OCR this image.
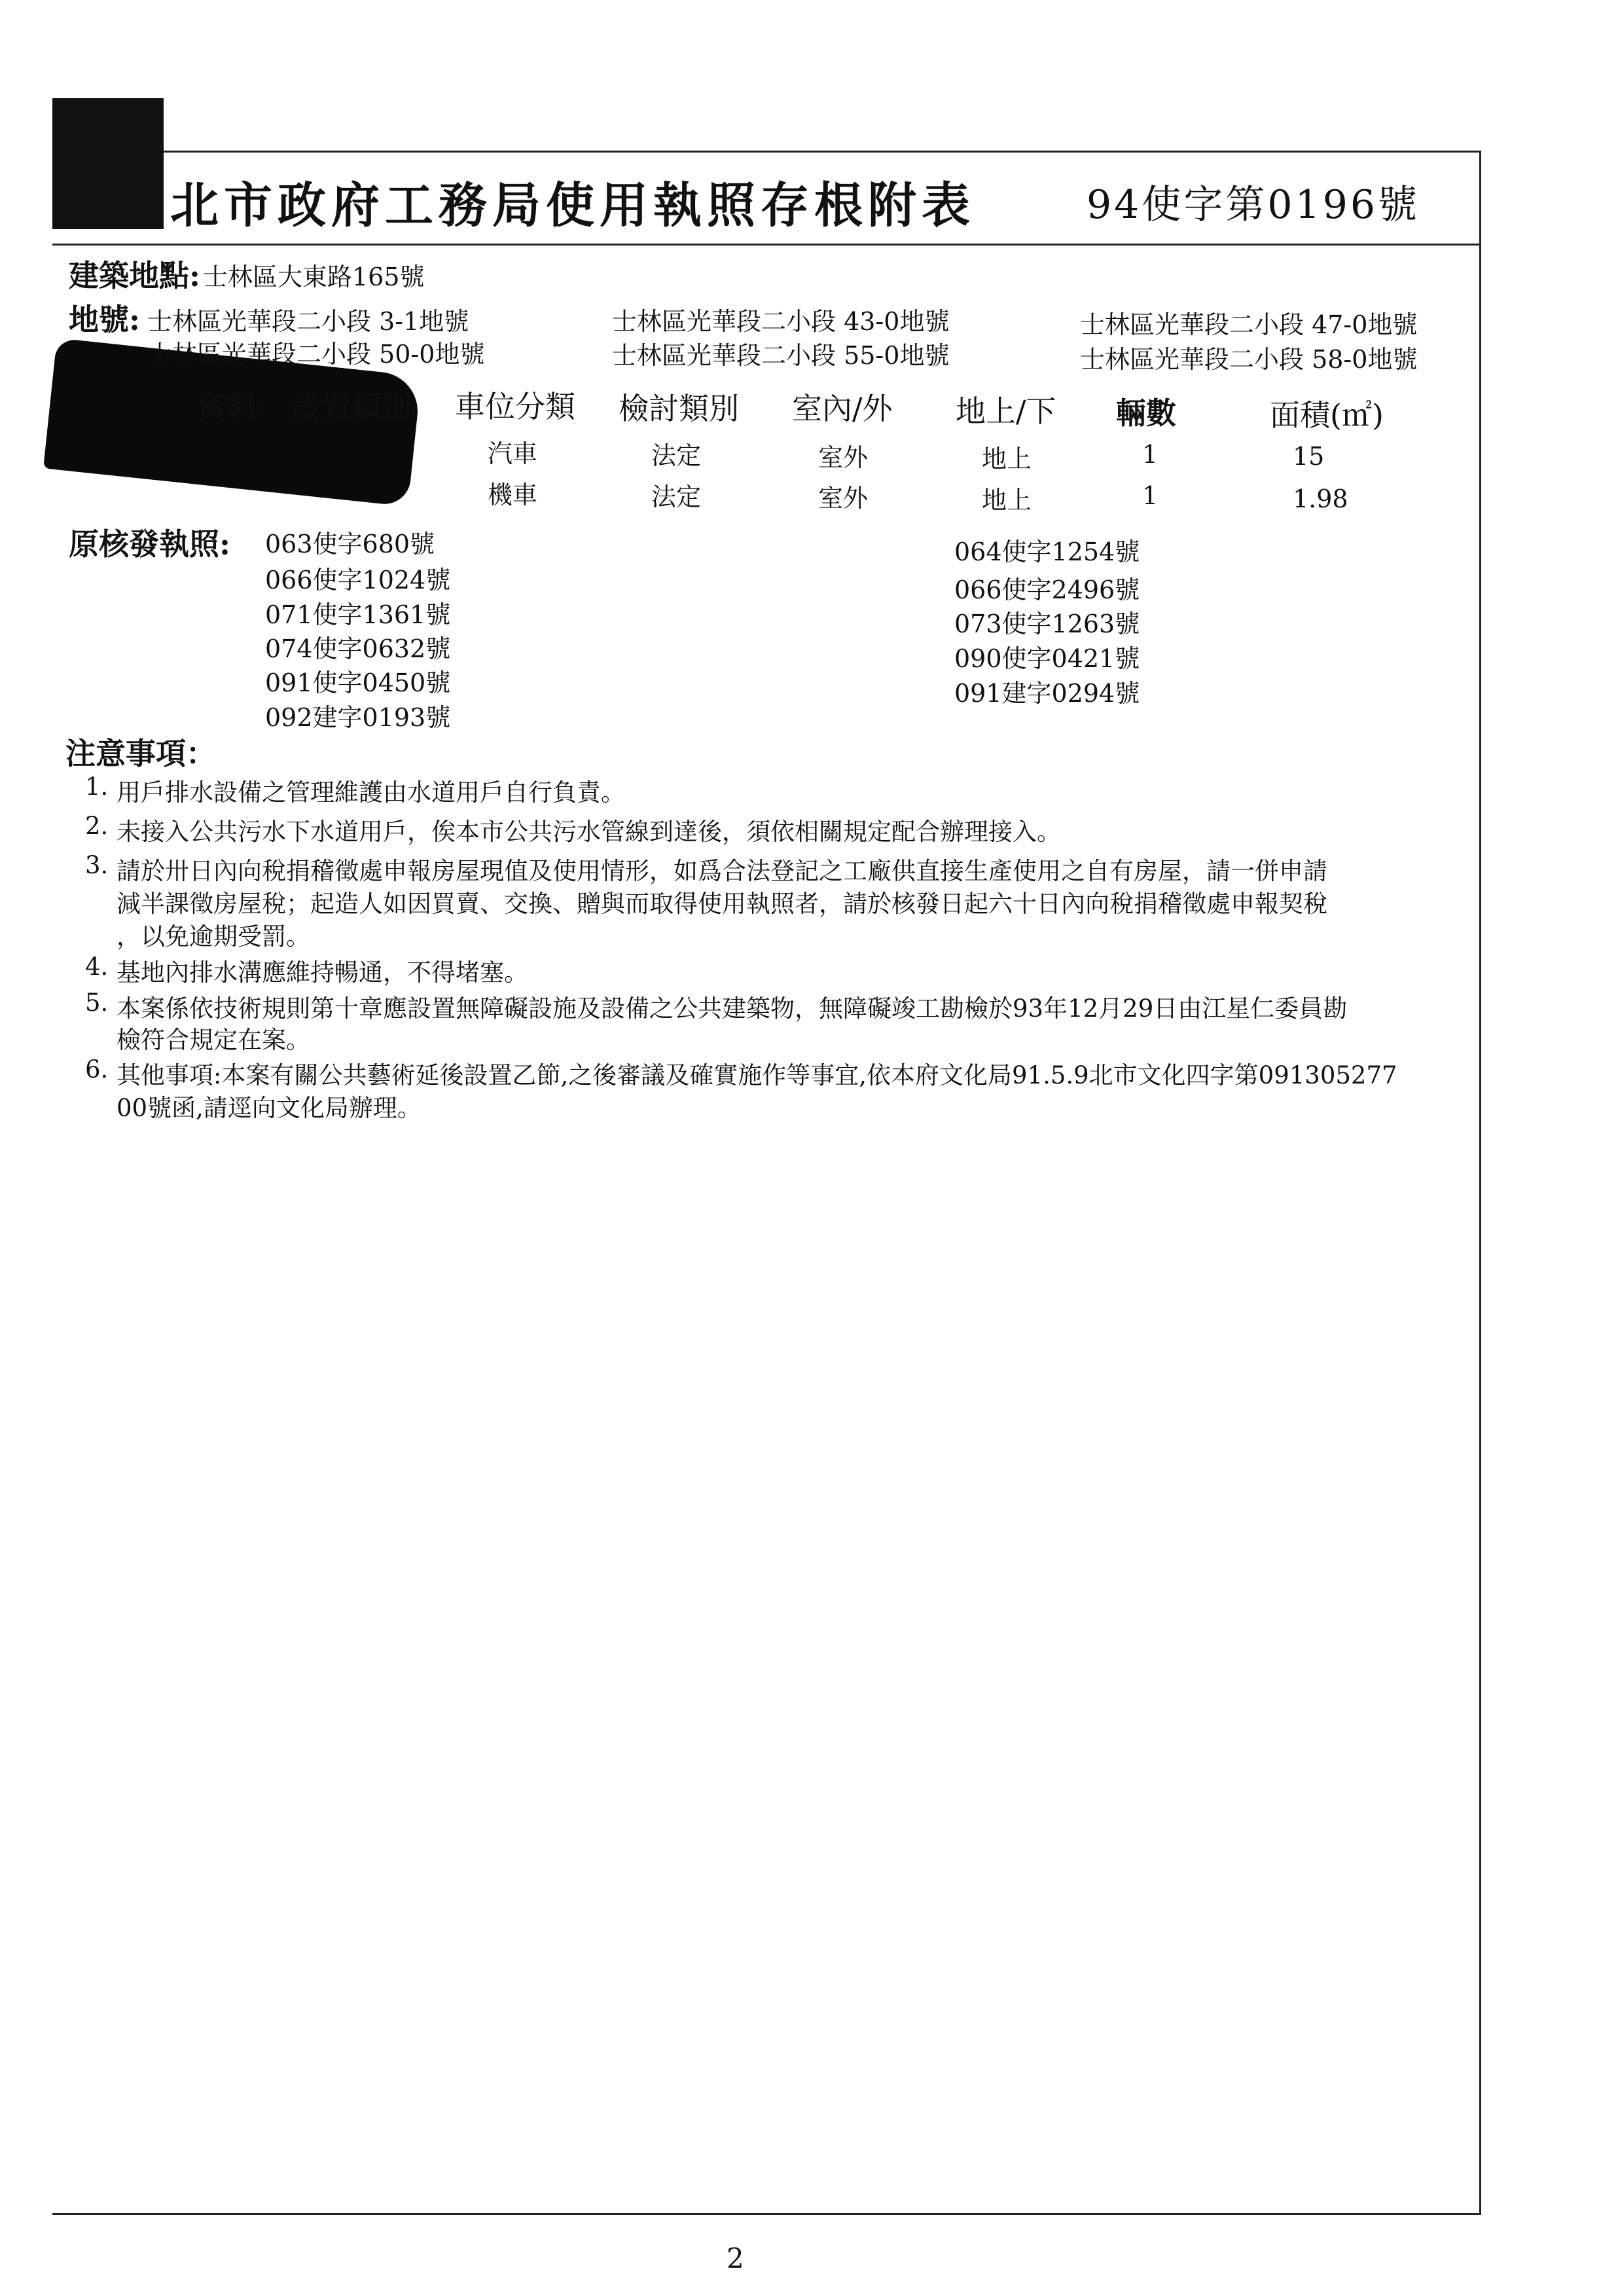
北市政府工務局使用執照存根附表	94使字第0196號
建築地點: 士林區大東路165號
地號: 士林區光華段二小段 3-1地號	士林區光華段二小段 43-0地號	士林區光華段二小段 47-0地號
士林區光華段二小段 50-0地號	士林區光華段二小段 55-0地號	士林區光華段二小段 58-0地號
資料: 設置類別 車位分類 檢討類別 室內/外 地上/下 輛數	面積(㎡)
汽車	法定	室外	地上	1	15
機車	法定	室外	地上	1	1.98
原核發執照: 063使字680號
066使字1024號
071使字1361號
074使字0632號
091使字0450號
092建字0193號
064使字1254號
066使字2496號
073使字1263號
090使字0421號
091建字0294號
注意事項：
1. 用戶排水設備之管理維護由水道用戶自行負責。
2. 未接入公共污水下水道用戶，俟本市公共污水管線到達後，須依相關規定配合辦理接入。
3. 請於卅日內向稅捐稽徵處申報房屋現值及使用情形，如爲合法登記之工廠供直接生產使用之自有房屋，請一併申請
減半課徵房屋稅；起造人如因買賣、交換、贈與而取得使用執照者，請於核發日起六十日內向稅捐稽徵處申報契稅
，以免逾期受罰。
4. 基地內排水溝應維持暢通，不得堵塞。
5. 本案係依技術規則第十章應設置無障礙設施及設備之公共建築物，無障礙竣工勘檢於93年12月29日由江星仁委員勘
檢符合規定在案。
6. 其他事項:本案有關公共藝術延後設置乙節,之後審議及確實施作等事宜,依本府文化局91.5.9北市文化四字第091305277
00號函,請逕向文化局辦理。
2
